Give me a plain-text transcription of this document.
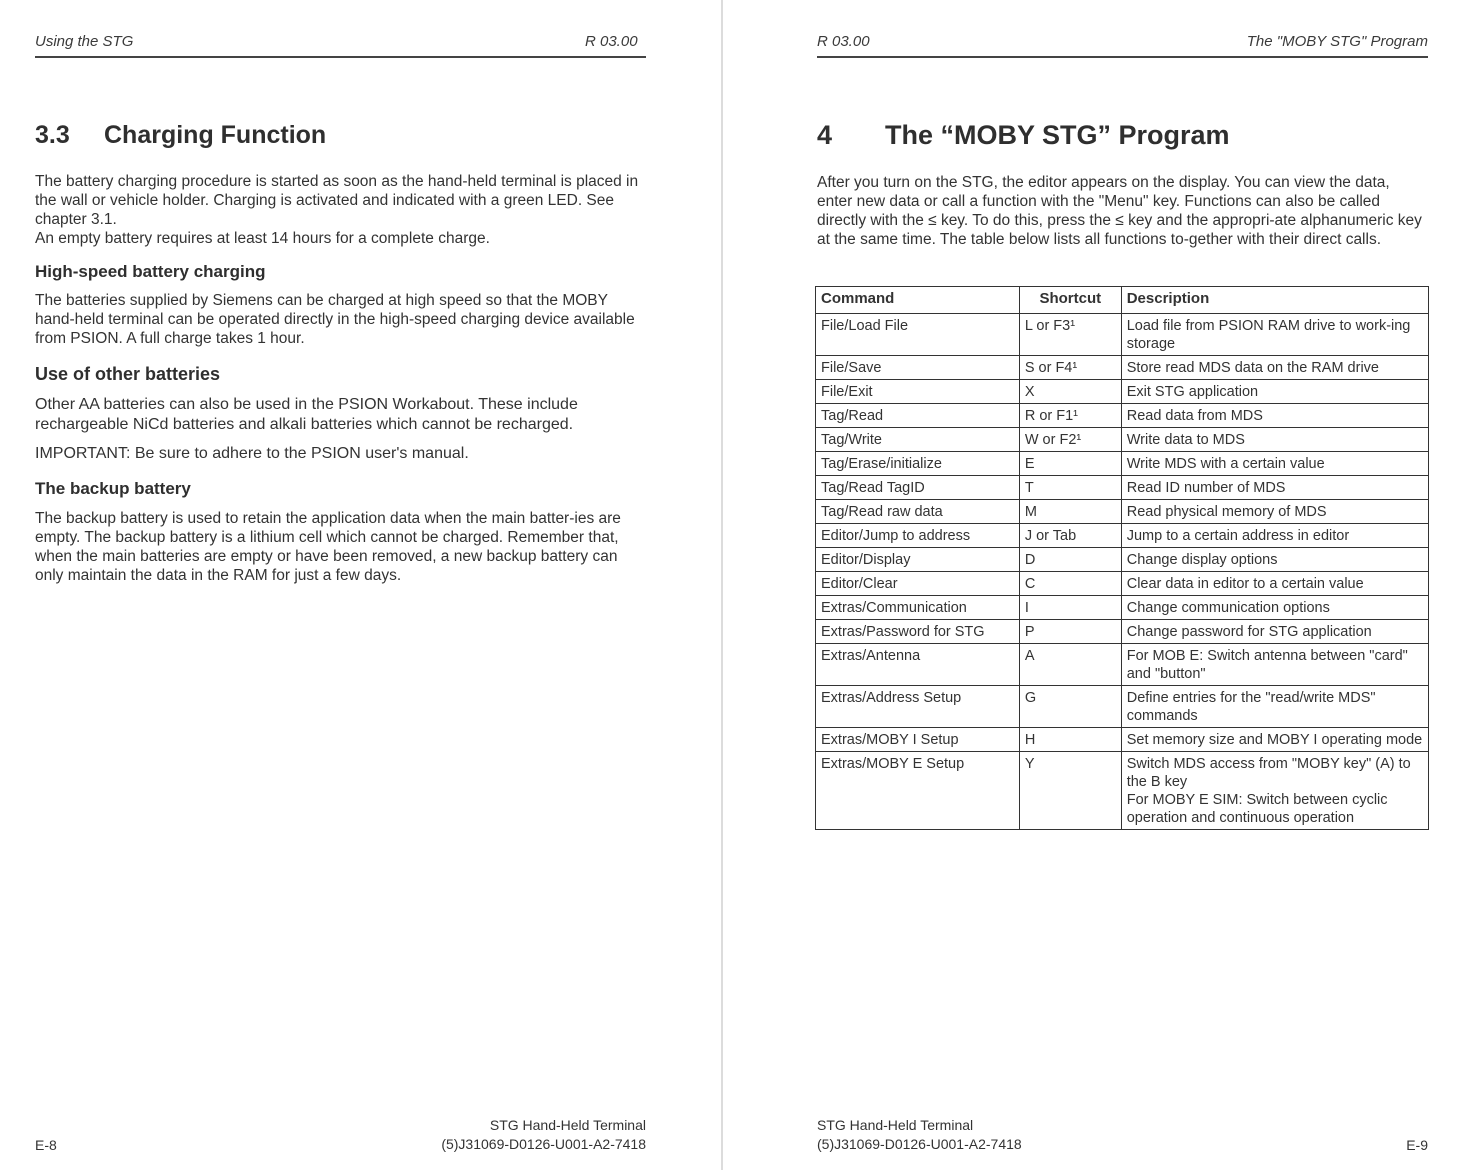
Using the STG	R 03.00
3.3 Charging Function

The battery charging procedure is started as soon as the hand-held terminal is placed in the wall or vehicle holder. Charging is activated and indicated with a green LED. See chapter 3.1.

An empty battery requires at least 14 hours for a complete charge.

High-speed battery charging

The batteries supplied by Siemens can be charged at high speed so that the MOBY hand-held terminal can be operated directly in the high-speed charging device available from PSION. A full charge takes 1 hour.

Use of other batteries

Other AA batteries can also be used in the PSION Workabout. These include rechargeable NiCd batteries and alkali batteries which cannot be recharged.

IMPORTANT: Be sure to adhere to the PSION user's manual.

The backup battery

The backup battery is used to retain the application data when the main batter-ies are empty. The backup battery is a lithium cell which cannot be charged. Remember that, when the main batteries are empty or have been removed, a new backup battery can only maintain the data in the RAM for just a few days.

E-8
STG Hand-Held Terminal
(5)J31069-D0126-U001-A2-7418
R 03.00	The "MOBY STG" Program
4 The “MOBY STG” Program

After you turn on the STG, the editor appears on the display. You can view the data, enter new data or call a function with the "Menu" key. Functions can also be called directly with the ≤ key. To do this, press the ≤ key and the appropri-ate alphanumeric key at the same time. The table below lists all functions to-gether with their direct calls.

Command	Shortcut	Description

File/Load File	L or F3¹	Load file from PSION RAM drive to work-ing storage

File/Save	S or F4¹	Store read MDS data on the RAM drive

File/Exit	X	Exit STG application

Tag/Read	R or F1¹	Read data from MDS

Tag/Write	W or F2¹	Write data to MDS

Tag/Erase/initialize	E	Write MDS with a certain value

Tag/Read TagID	T	Read ID number of MDS

Tag/Read raw data	M	Read physical memory of MDS

Editor/Jump to address	J or Tab	Jump to a certain address in editor

Editor/Display	D	Change display options

Editor/Clear	C	Clear data in editor to a certain value

Extras/Communication	I	Change communication options

Extras/Password for STG	P	Change password for STG application

Extras/Antenna	A	For MOB E: Switch antenna between "card" and "button"

Extras/Address Setup	G	Define entries for the "read/write MDS" commands

Extras/MOBY I Setup	H	Set memory size and MOBY I operating mode

Extras/MOBY E Setup	Y	Switch MDS access from "MOBY key" (A) to the B key
For MOBY E SIM: Switch between cyclic operation and continuous operation
STG Hand-Held Terminal
(5)J31069-D0126-U001-A2-7418	E-9
